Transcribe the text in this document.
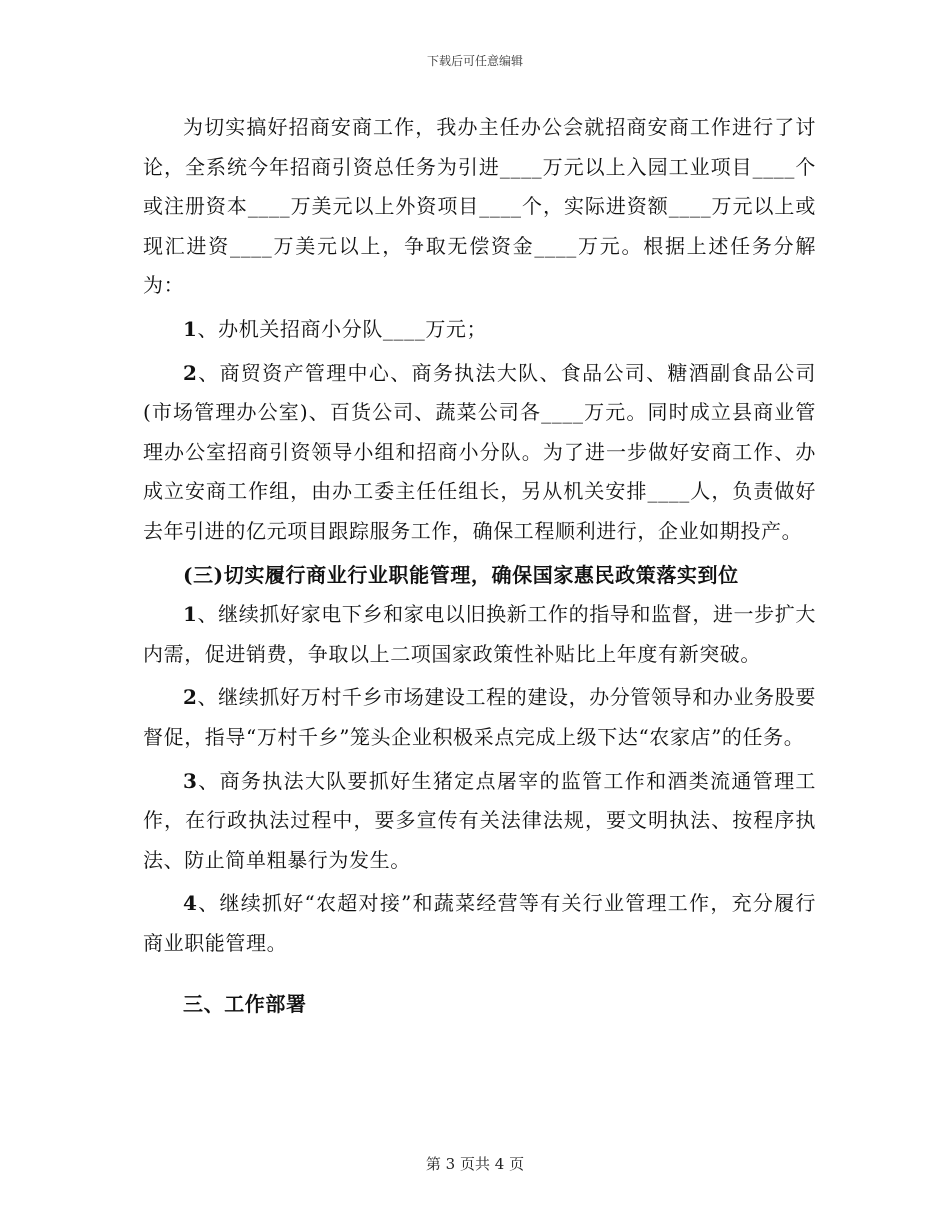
下载后可任意编辑

为切实搞好招商安商工作，我办主任办公会就招商安商工作进行了讨论，全系统今年招商引资总任务为引进____万元以上入园工业项目____个或注册资本____万美元以上外资项目____个，实际进资额____万元以上或现汇进资____万美元以上，争取无偿资金____万元。根据上述任务分解为：

1、办机关招商小分队____万元；

2、商贸资产管理中心、商务执法大队、食品公司、糖酒副食品公司(市场管理办公室)、百货公司、蔬菜公司各____万元。同时成立县商业管理办公室招商引资领导小组和招商小分队。为了进一步做好安商工作、办成立安商工作组，由办工委主任任组长，另从机关安排____人，负责做好去年引进的亿元项目跟踪服务工作，确保工程顺利进行，企业如期投产。

(三)切实履行商业行业职能管理，确保国家惠民政策落实到位

1、继续抓好家电下乡和家电以旧换新工作的指导和监督，进一步扩大内需，促进销费，争取以上二项国家政策性补贴比上年度有新突破。

2、继续抓好万村千乡市场建设工程的建设，办分管领导和办业务股要督促，指导“万村千乡”笼头企业积极采点完成上级下达“农家店”的任务。

3、商务执法大队要抓好生猪定点屠宰的监管工作和酒类流通管理工作，在行政执法过程中，要多宣传有关法律法规，要文明执法、按程序执法、防止简单粗暴行为发生。

4、继续抓好“农超对接”和蔬菜经营等有关行业管理工作，充分履行商业职能管理。

三、工作部署

第 3 页共 4 页
